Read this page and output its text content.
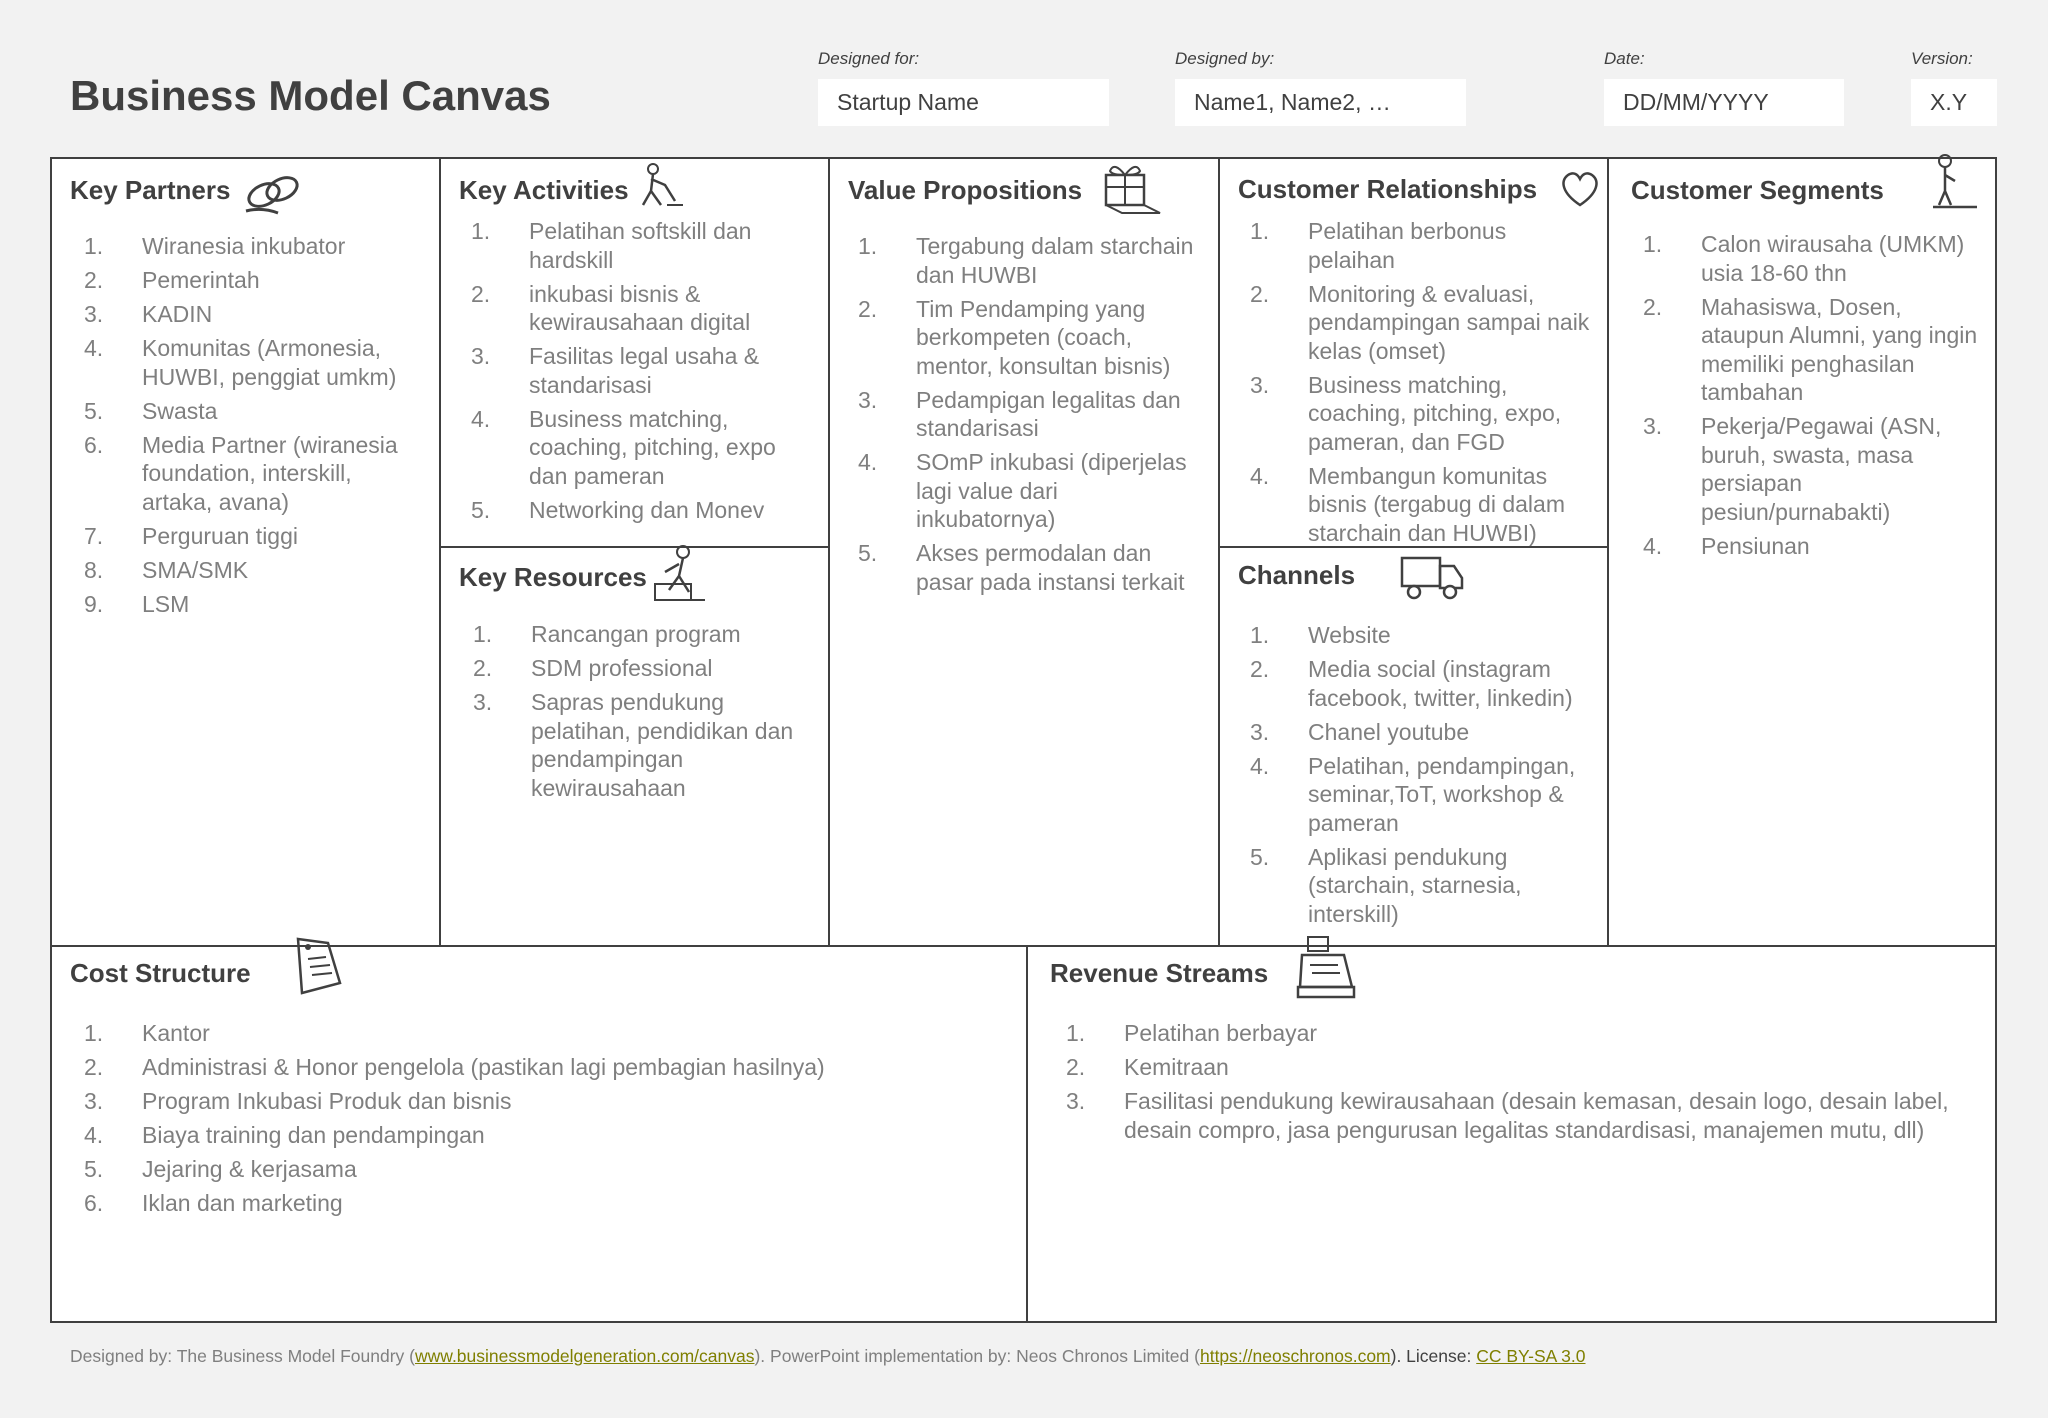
Business Model Canvas
Designed for:
Startup Name
Designed by:
Name1, Name2, …
Date:
DD/MM/YYYY
Version:
X.Y
Key Partners
1.	Wiranesia inkubator
2.	Pemerintah
3.	KADIN
4.	Komunitas (Armonesia, HUWBI, penggiat umkm)
5.	Swasta
6.	Media Partner (wiranesia foundation, interskill, artaka, avana)
7.	Perguruan tiggi
8.	SMA/SMK
9.	LSM
Key Activities
1.	Pelatihan softskill dan hardskill
2.	inkubasi bisnis & kewirausahaan digital
3.	Fasilitas legal usaha & standarisasi
4.	Business matching, coaching, pitching, expo dan pameran
5.	Networking dan Monev
Key Resources
1.	Rancangan program
2.	SDM professional
3.	Sapras pendukung pelatihan, pendidikan dan pendampingan kewirausahaan
Value Propositions
1.	Tergabung dalam starchain dan HUWBI
2.	Tim Pendamping yang berkompeten (coach, mentor, konsultan bisnis)
3.	Pedampigan legalitas dan standarisasi
4.	SOmP inkubasi (diperjelas lagi value dari inkubatornya)
5.	Akses permodalan dan pasar pada instansi terkait
Customer Relationships
1.	Pelatihan berbonus pelaihan
2.	Monitoring & evaluasi, pendampingan sampai naik kelas (omset)
3.	Business matching, coaching, pitching, expo, pameran, dan FGD
4.	Membangun komunitas bisnis (tergabug di dalam starchain dan HUWBI)
Channels
1.	Website
2.	Media social (instagram facebook, twitter, linkedin)
3.	Chanel youtube
4.	Pelatihan, pendampingan, seminar,ToT, workshop & pameran
5.	Aplikasi pendukung (starchain, starnesia, interskill)
Customer Segments
1.	Calon wirausaha (UMKM) usia 18-60 thn
2.	Mahasiswa, Dosen, ataupun Alumni, yang ingin memiliki penghasilan tambahan
3.	Pekerja/Pegawai (ASN, buruh, swasta, masa persiapan pesiun/purnabakti)
4.	Pensiunan
Cost Structure
1.	Kantor
2.	Administrasi & Honor pengelola (pastikan lagi pembagian hasilnya)
3.	Program Inkubasi Produk dan bisnis
4.	Biaya training dan pendampingan
5.	Jejaring & kerjasama
6.	Iklan dan marketing
Revenue Streams
1.	Pelatihan berbayar
2.	Kemitraan
3.	Fasilitasi pendukung kewirausahaan (desain kemasan, desain logo, desain label, desain compro, jasa pengurusan legalitas standardisasi, manajemen mutu, dll)
Designed by: The Business Model Foundry (www.businessmodelgeneration.com/canvas). PowerPoint implementation by: Neos Chronos Limited (https://neoschronos.com). License: CC BY-SA 3.0
